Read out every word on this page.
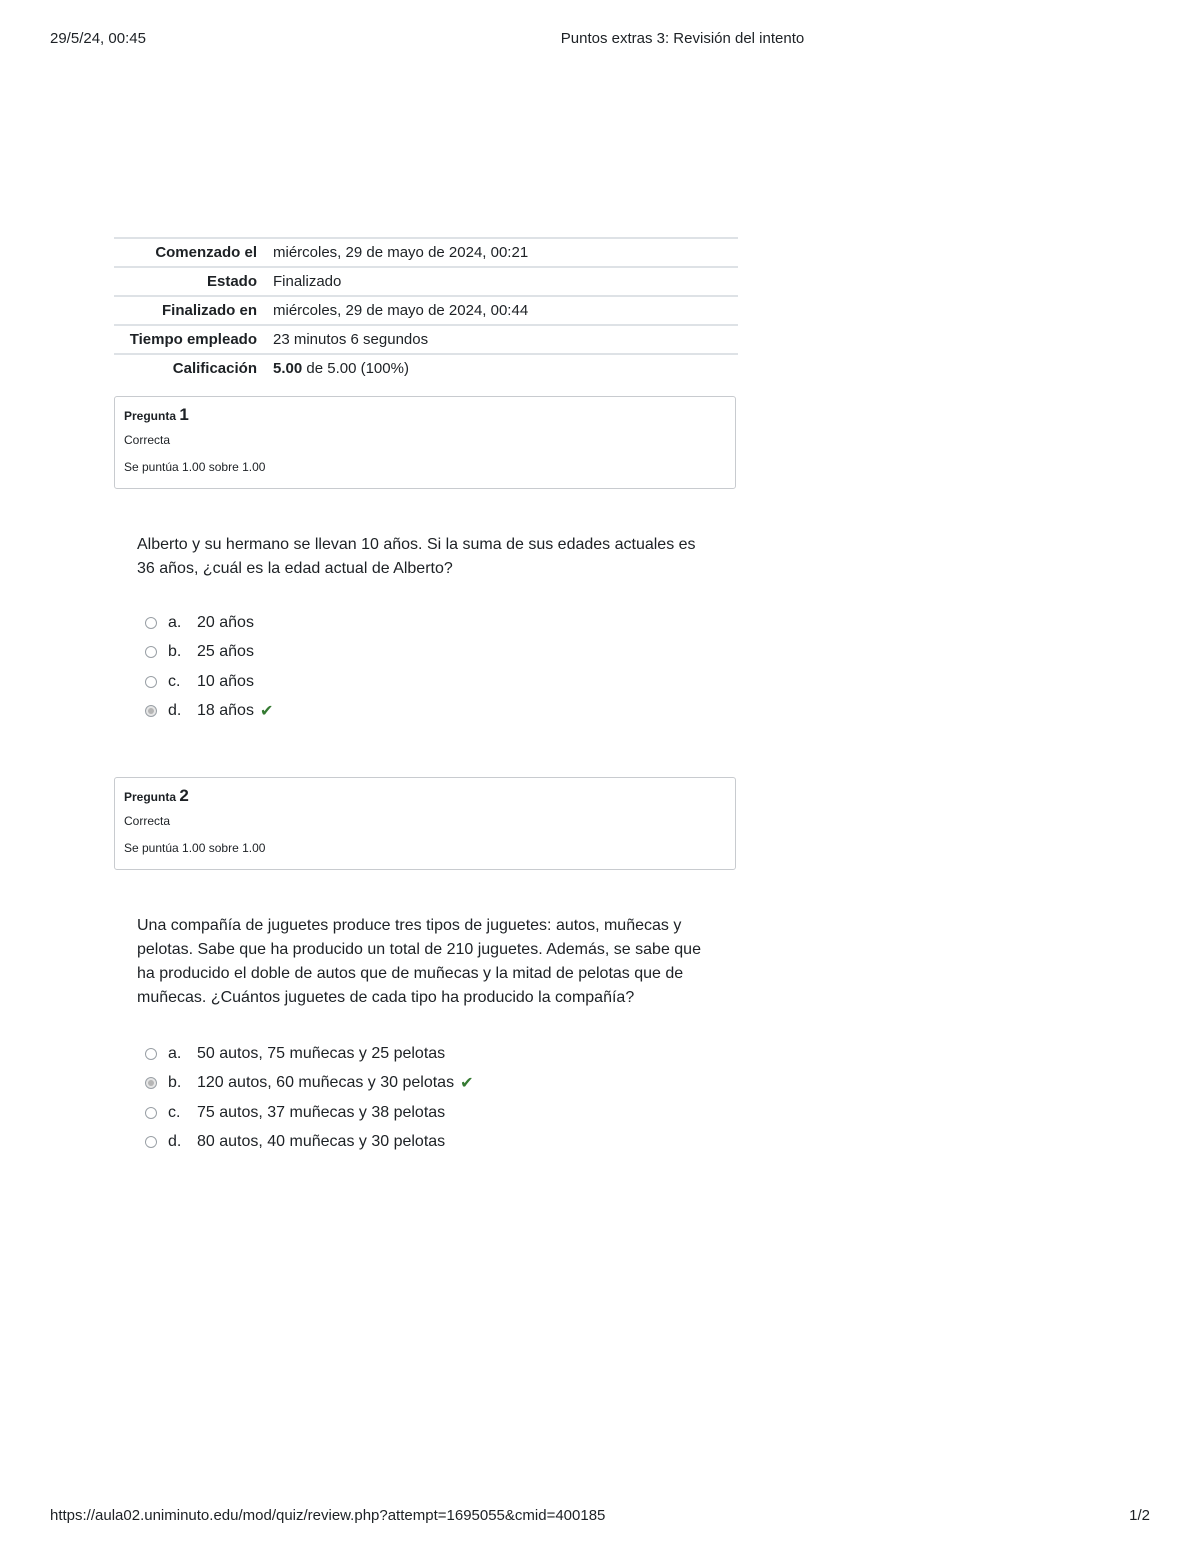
29/5/24, 00:45	Puntos extras 3: Revisión del intento
Comenzado el	miércoles, 29 de mayo de 2024, 00:21
Estado	Finalizado
Finalizado en	miércoles, 29 de mayo de 2024, 00:44
Tiempo empleado	23 minutos 6 segundos
Calificación	5.00 de 5.00 (100%)
Pregunta 1
Correcta
Se puntúa 1.00 sobre 1.00
Alberto y su hermano se llevan 10 años. Si la suma de sus edades actuales es 36 años, ¿cuál es la edad actual de Alberto?
a. 20 años
b. 25 años
c.	10 años
d. 18 años ✔
Pregunta 2
Correcta
Se puntúa 1.00 sobre 1.00
Una compañía de juguetes produce tres tipos de juguetes: autos, muñecas y pelotas. Sabe que ha producido un total de 210 juguetes. Además, se sabe que ha producido el doble de autos que de muñecas y la mitad de pelotas que de muñecas. ¿Cuántos juguetes de cada tipo ha producido la compañía?
a. 50 autos, 75 muñecas y 25 pelotas
b. 120 autos, 60 muñecas y 30 pelotas ✔
c.	75 autos, 37 muñecas y 38 pelotas
d. 80 autos, 40 muñecas y 30 pelotas
https://aula02.uniminuto.edu/mod/quiz/review.php?attempt=1695055&cmid=400185	1/2
